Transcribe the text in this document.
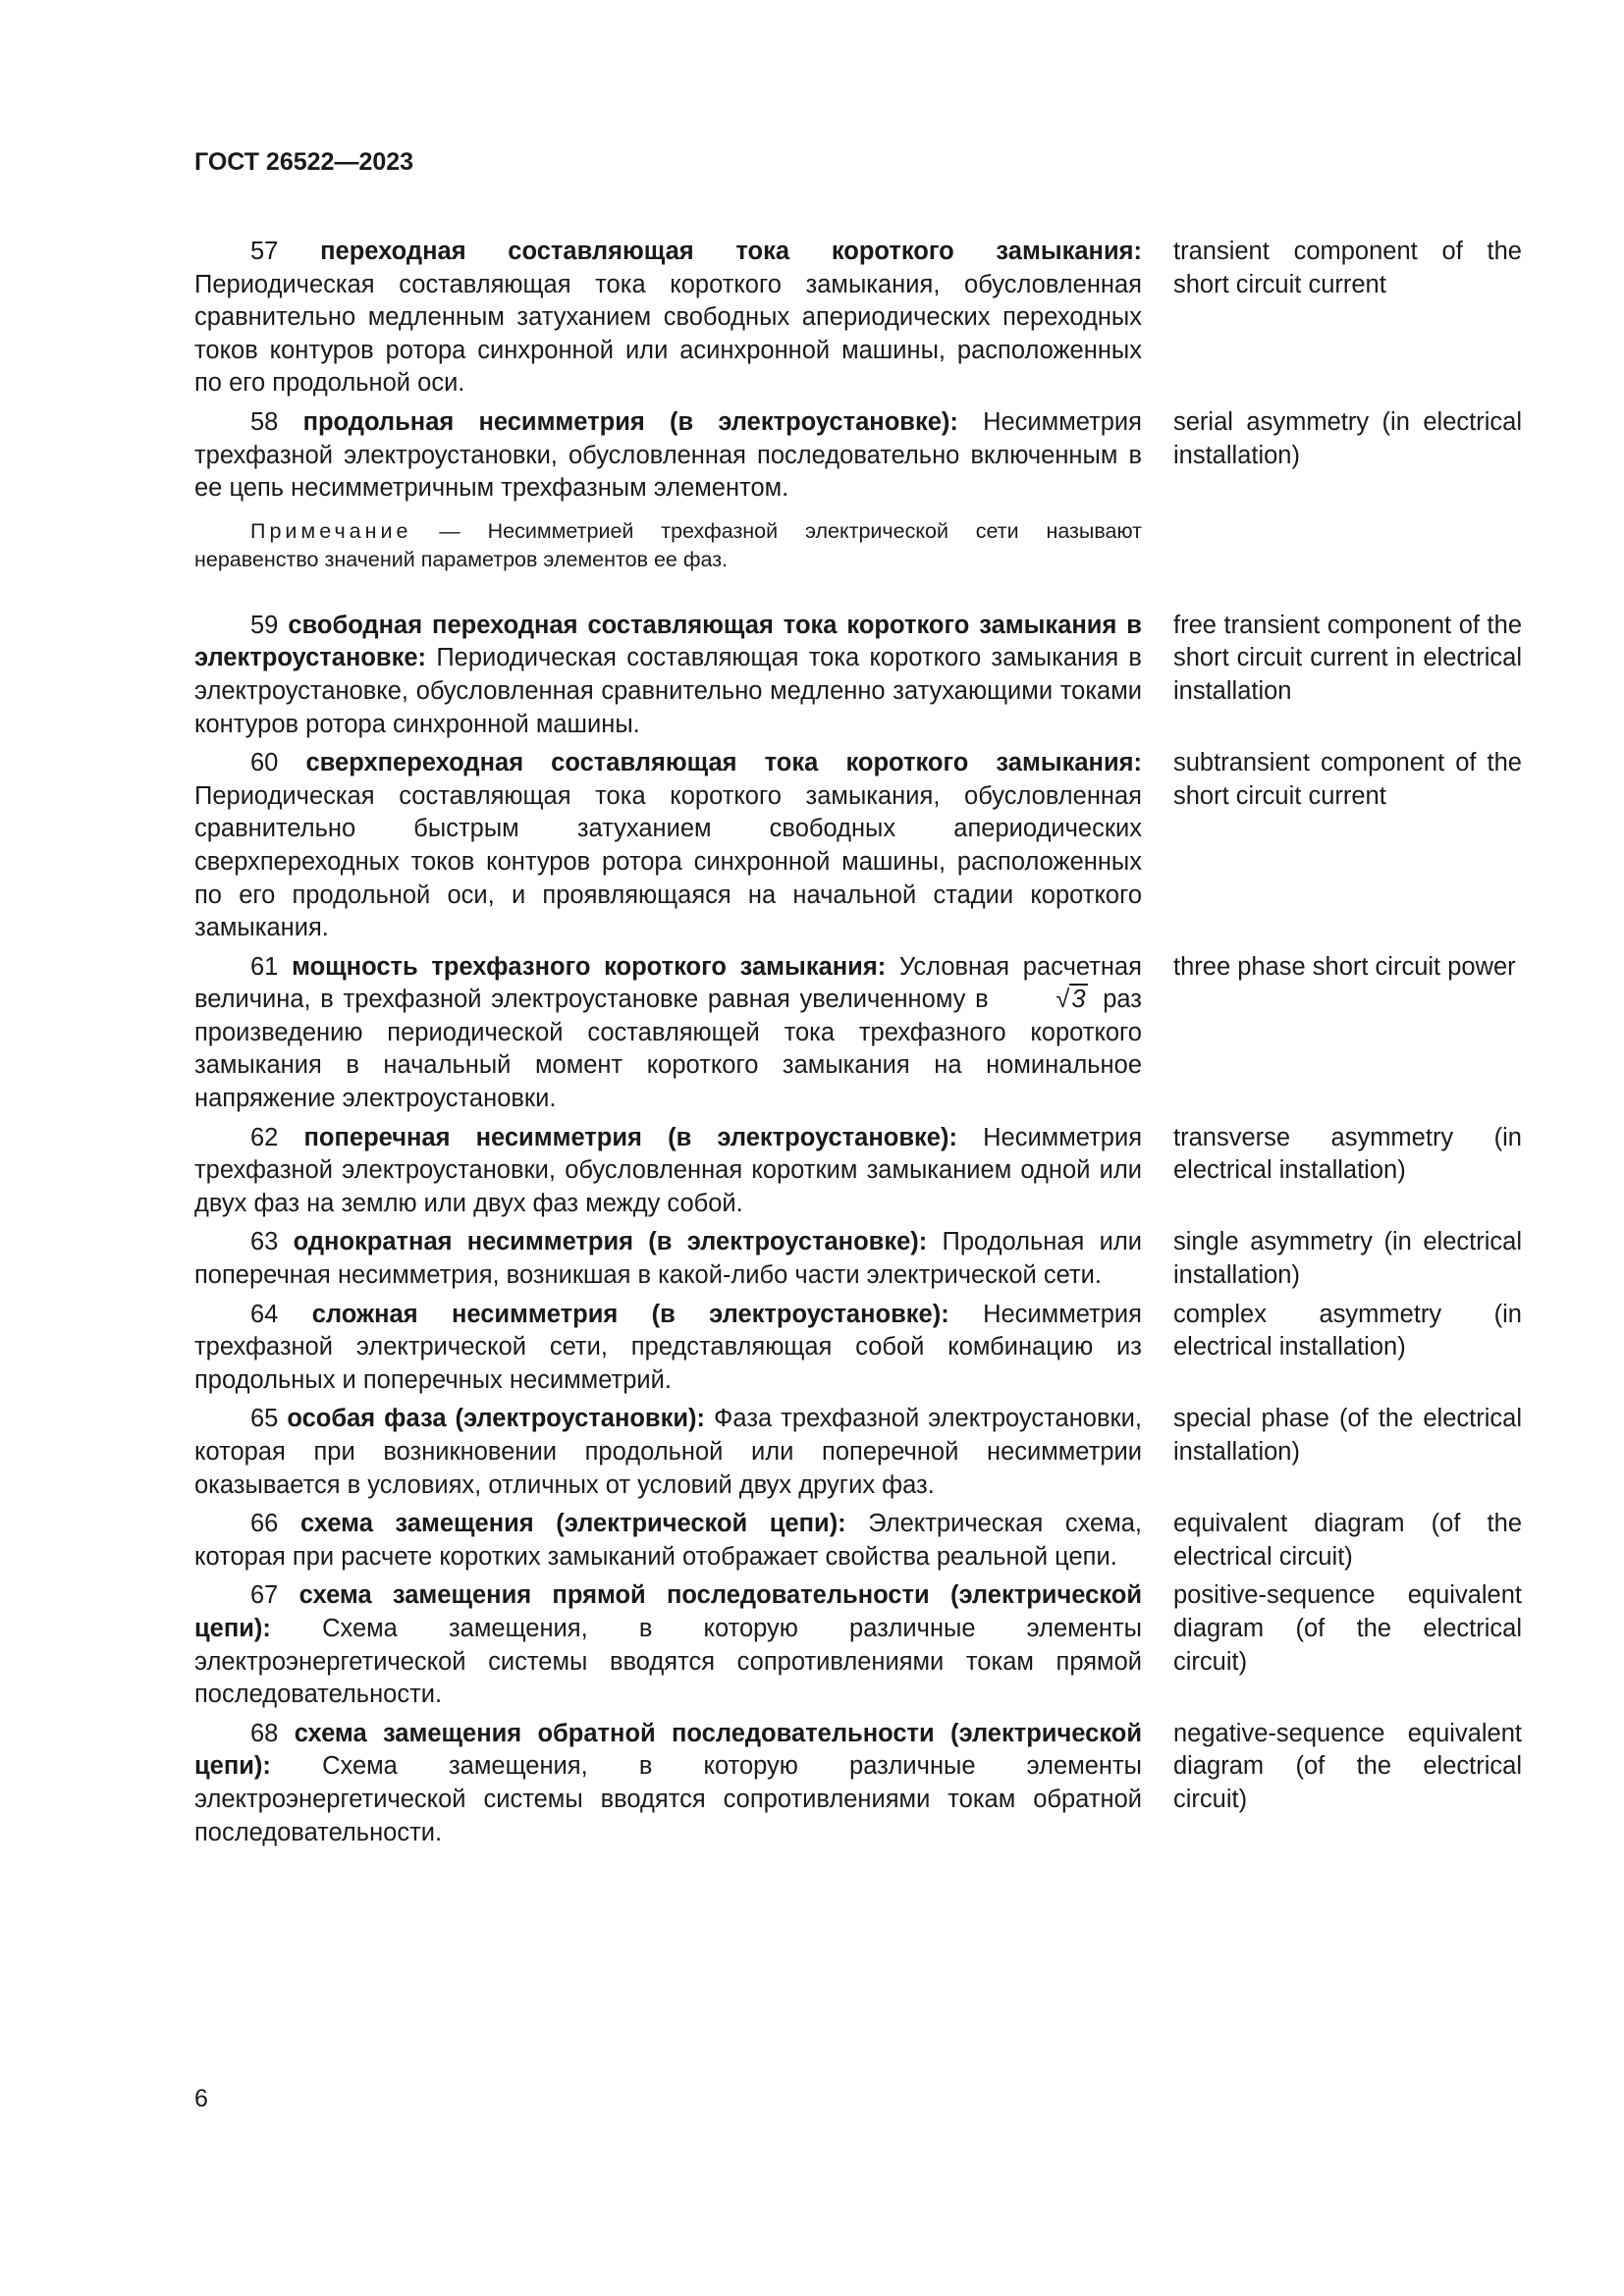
ГОСТ 26522—2023
57 переходная составляющая тока короткого замыкания: Периодическая составляющая тока короткого замыкания, обусловленная сравнительно медленным затуханием свободных апериодических переходных токов контуров ротора синхронной или асинхронной машины, расположенных по его продольной оси.
transient component of the short circuit current
58 продольная несимметрия (в электроустановке): Несимметрия трехфазной электроустановки, обусловленная последовательно включенным в ее цепь несимметричным трехфазным элементом.
serial asymmetry (in electrical installation)
Примечание — Несимметрией трехфазной электрической сети называют неравенство значений параметров элементов ее фаз.
59 свободная переходная составляющая тока короткого замыкания в электроустановке: Периодическая составляющая тока короткого замыкания в электроустановке, обусловленная сравнительно медленно затухающими токами контуров ротора синхронной машины.
free transient component of the short circuit current in electrical installation
60 сверхпереходная составляющая тока короткого замыкания: Периодическая составляющая тока короткого замыкания, обусловленная сравнительно быстрым затуханием свободных апериодических сверхпереходных токов контуров ротора синхронной машины, расположенных по его продольной оси, и проявляющаяся на начальной стадии короткого замыкания.
subtransient component of the short circuit current
61 мощность трехфазного короткого замыкания: Условная расчетная величина, в трехфазной электроустановке равная увеличенному в	√3 раз произведению периодической составляющей тока трехфазного короткого замыкания в начальный момент короткого замыкания на номинальное напряжение электроустановки.
three phase short circuit power
62 поперечная несимметрия (в электроустановке): Несимметрия трехфазной электроустановки, обусловленная коротким замыканием одной или двух фаз на землю или двух фаз между собой.
transverse asymmetry (in electrical installation)
63 однократная несимметрия (в электроустановке): Продольная или поперечная несимметрия, возникшая в какой-либо части электрической сети.
single asymmetry (in electrical installation)
64 сложная несимметрия (в электроустановке): Несимметрия трехфазной электрической сети, представляющая собой комбинацию из продольных и поперечных несимметрий.
complex asymmetry (in electrical installation)
65 особая фаза (электроустановки): Фаза трехфазной электроустановки, которая при возникновении продольной или поперечной несимметрии оказывается в условиях, отличных от условий двух других фаз.
special phase (of the electrical installation)
66 схема замещения (электрической цепи): Электрическая схема, которая при расчете коротких замыканий отображает свойства реальной цепи.
equivalent diagram (of the electrical circuit)
67 схема замещения прямой последовательности (электрической цепи): Схема замещения, в которую различные элементы электроэнергетической системы вводятся сопротивлениями токам прямой последовательности.
positive-sequence equivalent diagram (of the electrical circuit)
68 схема замещения обратной последовательности (электрической цепи): Схема замещения, в которую различные элементы электроэнергетической системы вводятся сопротивлениями токам обратной последовательности.
negative-sequence equivalent diagram (of the electrical circuit)
6
